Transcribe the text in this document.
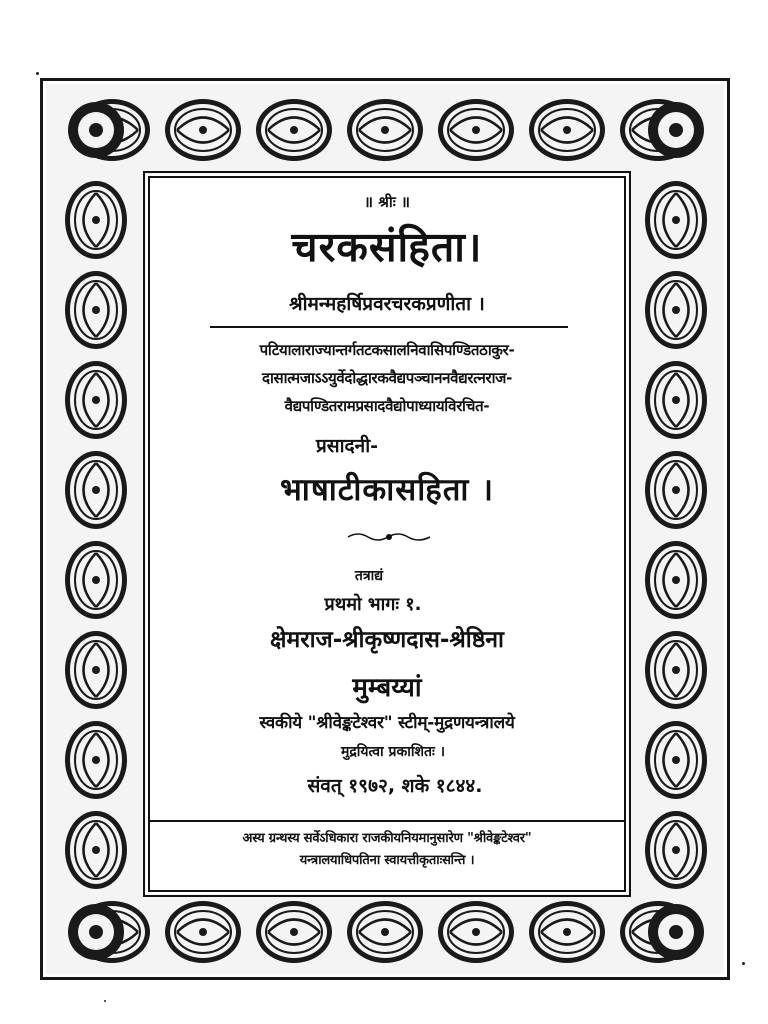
॥ श्रीः ॥
चरकसंहिता।
श्रीमन्महर्षिप्रवरचरकप्रणीता ।
पटियालाराज्यान्तर्गतटकसालनिवासिपण्डितठाकुर-
दासात्मजाऽऽयुर्वेदोद्धारकवैद्यपञ्चाननवैद्यरत्नराज-
वैद्यपण्डितरामप्रसादवैद्योपाध्यायविरचित-
प्रसादनी-
भाषाटीकासहिता ।
तत्राद्यं
प्रथमो भागः १.
क्षेमराज-श्रीकृष्णदास-श्रेष्ठिना
मुम्बय्यां
स्वकीये "श्रीवेङ्कटेश्वर" स्टीम्-मुद्रणयन्त्रालये
मुद्रयित्वा प्रकाशितः ।
संवत् १९७२, शके १८४४.
अस्य ग्रन्थस्य सर्वेऽधिकारा राजकीयनियमानुसारेण "श्रीवेङ्कटेश्वर"
यन्त्रालयाधिपतिना स्वायत्तीकृताःसन्ति ।
